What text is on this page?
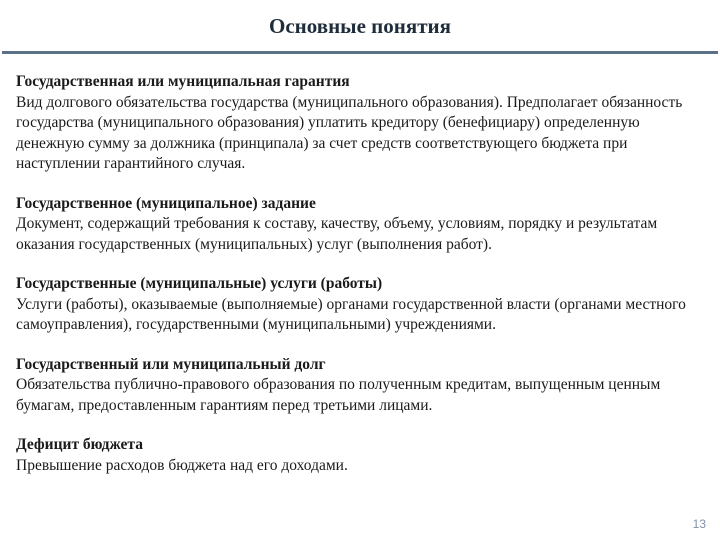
Основные понятия
Государственная или муниципальная гарантия
Вид долгового обязательства государства (муниципального образования). Предполагает обязанность государства (муниципального образования) уплатить кредитору (бенефициару) определенную денежную сумму за должника (принципала) за счет средств соответствующего бюджета при наступлении гарантийного случая.
Государственное (муниципальное) задание
Документ, содержащий требования к составу, качеству, объему, условиям, порядку и результатам оказания государственных (муниципальных) услуг (выполнения работ).
Государственные (муниципальные) услуги (работы)
Услуги (работы), оказываемые (выполняемые) органами государственной власти (органами местного самоуправления), государственными (муниципальными) учреждениями.
Государственный или муниципальный долг
Обязательства публично-правового образования по полученным кредитам, выпущенным ценным бумагам, предоставленным гарантиям перед третьими лицами.
Дефицит бюджета
Превышение расходов бюджета над его доходами.
13
